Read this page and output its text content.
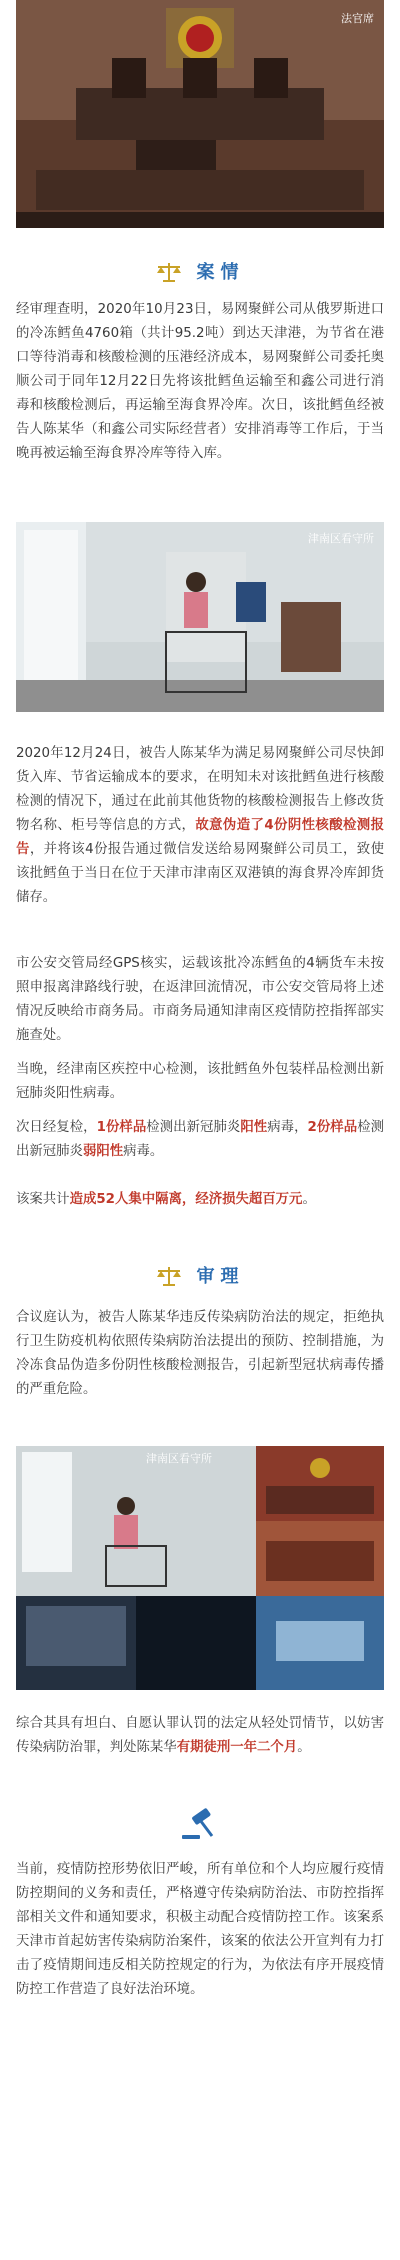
法官席
案情
经审理查明，2020年10月23日，易网聚鲜公司从俄罗斯进口的冷冻鳕鱼4760箱（共计95.2吨）到达天津港，为节省在港口等待消毒和核酸检测的压港经济成本，易网聚鲜公司委托奥顺公司于同年12月22日先将该批鳕鱼运输至和鑫公司进行消毒和核酸检测后，再运输至海食界冷库。次日，该批鳕鱼经被告人陈某华（和鑫公司实际经营者）安排消毒等工作后，于当晚再被运输至海食界冷库等待入库。
津南区看守所
2020年12月24日，被告人陈某华为满足易网聚鲜公司尽快卸货入库、节省运输成本的要求，在明知未对该批鳕鱼进行核酸检测的情况下，通过在此前其他货物的核酸检测报告上修改货物名称、柜号等信息的方式，故意伪造了4份阴性核酸检测报告，并将该4份报告通过微信发送给易网聚鲜公司员工，致使该批鳕鱼于当日在位于天津市津南区双港镇的海食界冷库卸货储存。
市公安交管局经GPS核实，运载该批冷冻鳕鱼的4辆货车未按照申报离津路线行驶，在返津回流情况，市公安交管局将上述情况反映给市商务局。市商务局通知津南区疫情防控指挥部实施查处。
当晚，经津南区疾控中心检测，该批鳕鱼外包装样品检测出新冠肺炎阳性病毒。
次日经复检，1份样品检测出新冠肺炎阳性病毒，2份样品检测出新冠肺炎弱阳性病毒。
该案共计造成52人集中隔离，经济损失超百万元。
审理
合议庭认为，被告人陈某华违反传染病防治法的规定，拒绝执行卫生防疫机构依照传染病防治法提出的预防、控制措施，为冷冻食品伪造多份阴性核酸检测报告，引起新型冠状病毒传播的严重危险。
津南区看守所
综合其具有坦白、自愿认罪认罚的法定从轻处罚情节，以妨害传染病防治罪，判处陈某华有期徒刑一年二个月。
当前，疫情防控形势依旧严峻，所有单位和个人均应履行疫情防控期间的义务和责任，严格遵守传染病防治法、市防控指挥部相关文件和通知要求，积极主动配合疫情防控工作。该案系天津市首起妨害传染病防治案件，该案的依法公开宣判有力打击了疫情期间违反相关防控规定的行为，为依法有序开展疫情防控工作营造了良好法治环境。
